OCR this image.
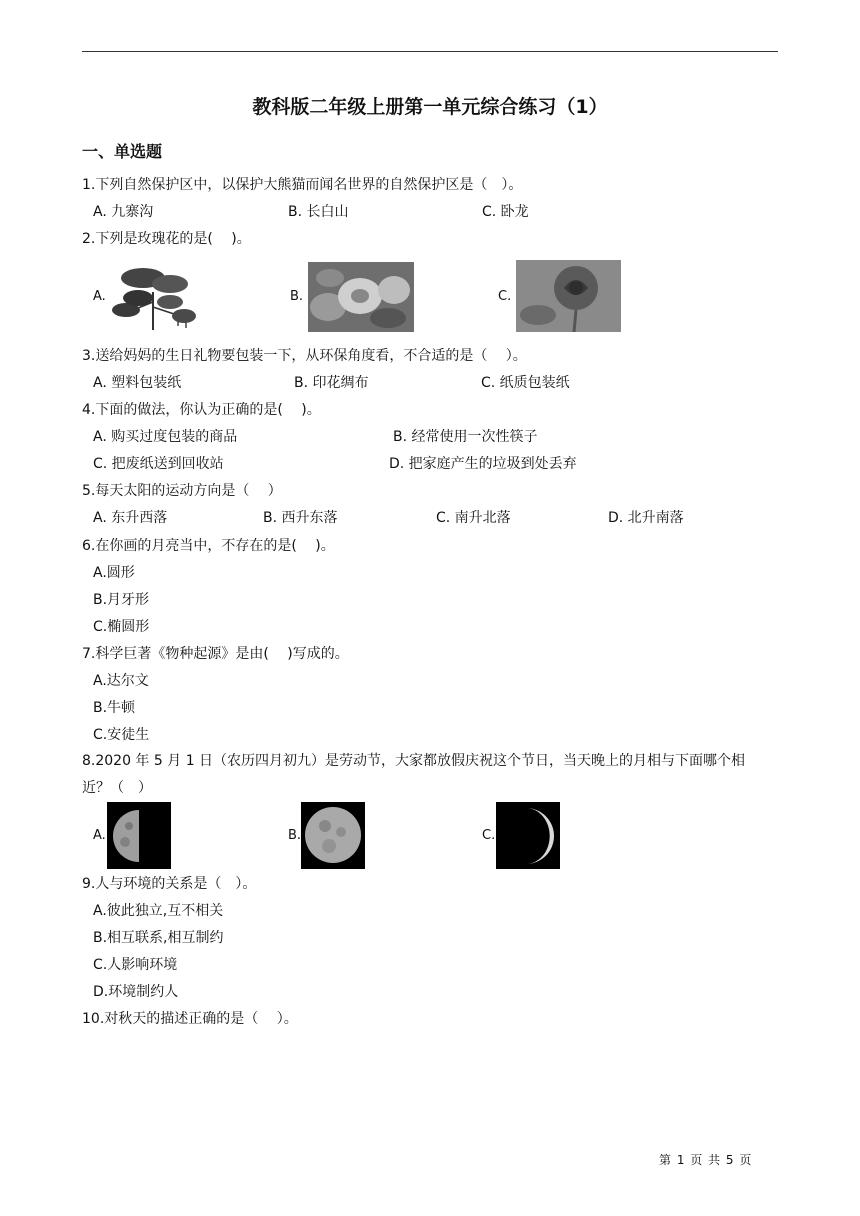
教科版二年级上册第一单元综合练习（1）
一、单选题
1.下列自然保护区中，以保护大熊猫而闻名世界的自然保护区是（　）。
A. 九寨沟	B. 长白山	C. 卧龙
2.下列是玫瑰花的是(　 )。
A.	B.	C.
3.送给妈妈的生日礼物要包装一下，从环保角度看，不合适的是（　 ）。
A. 塑料包装纸	B. 印花绸布	C. 纸质包装纸
4.下面的做法，你认为正确的是(　 )。
A. 购买过度包装的商品	B. 经常使用一次性筷子
C. 把废纸送到回收站	D. 把家庭产生的垃圾到处丢弃
5.每天太阳的运动方向是（　 ）
A. 东升西落	B. 西升东落	C. 南升北落	D. 北升南落
6.在你画的月亮当中，不存在的是(　 )。
A.圆形
B.月牙形
C.椭圆形
7.科学巨著《物种起源》是由(　 )写成的。
A.达尔文
B.牛顿
C.安徒生
8.2020 年 5 月 1 日（农历四月初九）是劳动节，大家都放假庆祝这个节日，当天晚上的月相与下面哪个相
近？（　）
A.	B.	C.
9.人与环境的关系是（　）。
A.彼此独立,互不相关
B.相互联系,相互制约
C.人影响环境
D.环境制约人
10.对秋天的描述正确的是（　 ）。
第 1 页 共 5 页
